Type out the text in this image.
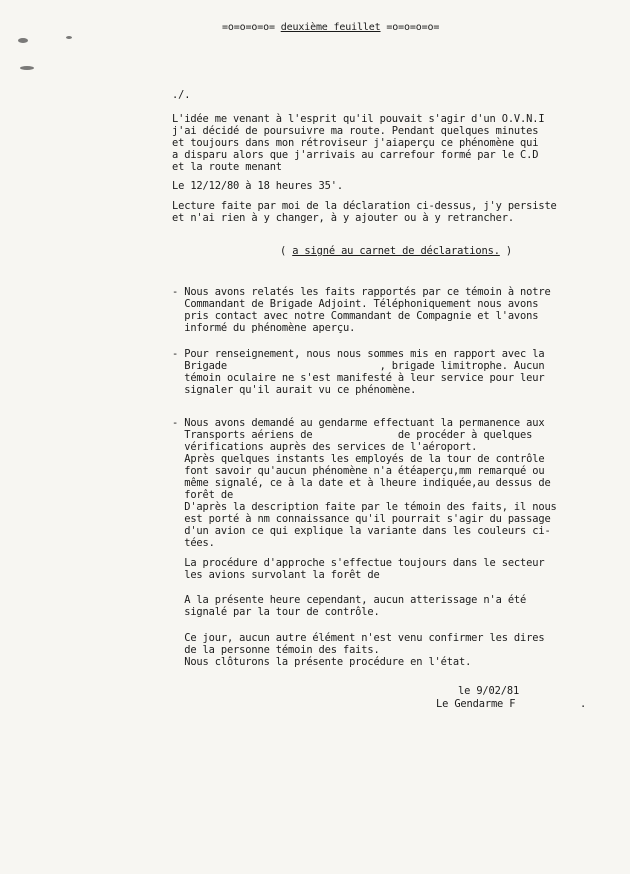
=o=o=o=o= deuxième feuillet =o=o=o=o=
./.
L'idée me venant à l'esprit qu'il pouvait s'agir d'un O.V.N.I
j'ai décidé de poursuivre ma route. Pendant quelques minutes
et toujours dans mon rétroviseur j'aiaperçu ce phénomène qui
a disparu alors que j'arrivais au carrefour formé par le C.D
et la route menant
Le 12/12/80 à 18 heures 35'.
Lecture faite par moi de la déclaration ci-dessus, j'y persiste
et n'ai rien à y changer, à y ajouter ou à y retrancher.
( a signé au carnet de déclarations. )
- Nous avons relatés les faits rapportés par ce témoin à notre
Commandant de Brigade Adjoint. Téléphoniquement nous avons
pris contact avec notre Commandant de Compagnie et l'avons
informé du phénomène aperçu.
- Pour renseignement, nous nous sommes mis en rapport avec la
Brigade                         , brigade limitrophe. Aucun
témoin oculaire ne s'est manifesté à leur service pour leur
signaler qu'il aurait vu ce phénomène.
- Nous avons demandé au gendarme effectuant la permanence aux
Transports aériens de              de procéder à quelques
vérifications auprès des services de l'aéroport.
Après quelques instants les employés de la tour de contrôle
font savoir qu'aucun phénomène n'a étéaperçu,mm remarqué ou
même signalé, ce à la date et à lheure indiquée,au dessus de
forêt de
D'après la description faite par le témoin des faits, il nous
est porté à nm connaissance qu'il pourrait s'agir du passage
d'un avion ce qui explique la variante dans les couleurs ci-
tées.
La procédure d'approche s'effectue toujours dans le secteur
les avions survolant la forêt de
A la présente heure cependant, aucun atterissage n'a été
signalé par la tour de contrôle.
Ce jour, aucun autre élément n'est venu confirmer les dires
de la personne témoin des faits.
Nous clôturons la présente procédure en l'état.
le 9/02/81
Le Gendarme F	.
